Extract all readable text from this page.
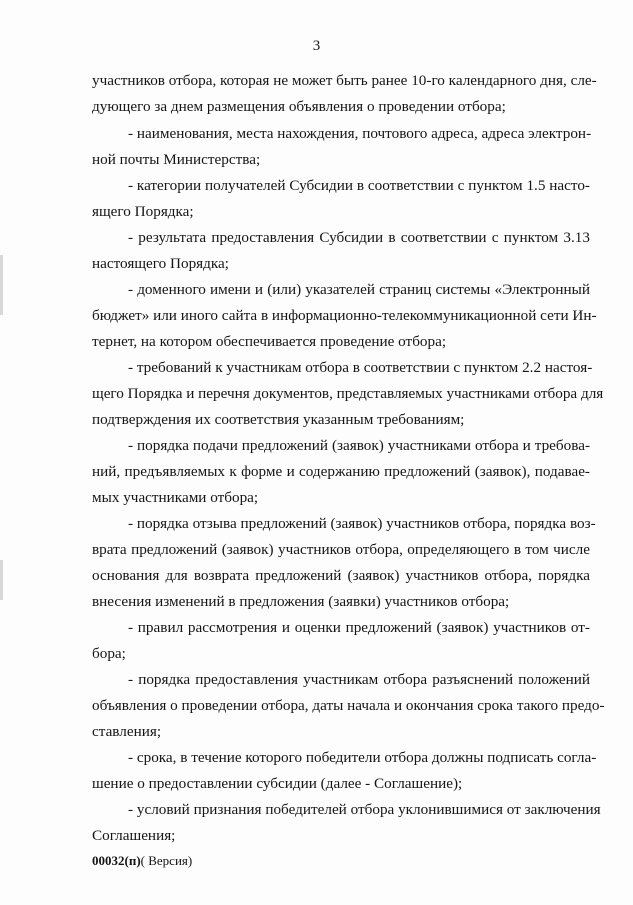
3
участников отбора, которая не может быть ранее 10-го календарного дня, сле-
дующего за днем размещения объявления о проведении отбора;
- наименования, места нахождения, почтового адреса, адреса электрон-
ной почты Министерства;
- категории получателей Субсидии в соответствии с пунктом 1.5 насто-
ящего Порядка;
- результата предоставления Субсидии в соответствии с пунктом 3.13
настоящего Порядка;
- доменного имени и (или) указателей страниц системы «Электронный
бюджет» или иного сайта в информационно-телекоммуникационной сети Ин-
тернет, на котором обеспечивается проведение отбора;
- требований к участникам отбора в соответствии с пунктом 2.2 настоя-
щего Порядка и перечня документов, представляемых участниками отбора для
подтверждения их соответствия указанным требованиям;
- порядка подачи предложений (заявок) участниками отбора и требова-
ний, предъявляемых к форме и содержанию предложений (заявок), подавае-
мых участниками отбора;
- порядка отзыва предложений (заявок) участников отбора, порядка воз-
врата предложений (заявок) участников отбора, определяющего в том числе
основания для возврата предложений (заявок) участников отбора, порядка
внесения изменений в предложения (заявки) участников отбора;
- правил рассмотрения и оценки предложений (заявок) участников от-
бора;
- порядка предоставления участникам отбора разъяснений положений
объявления о проведении отбора, даты начала и окончания срока такого предо-
ставления;
- срока, в течение которого победители отбора должны подписать согла-
шение о предоставлении субсидии (далее - Соглашение);
- условий признания победителей отбора уклонившимися от заключения
Соглашения;
00032(п)( Версия)
